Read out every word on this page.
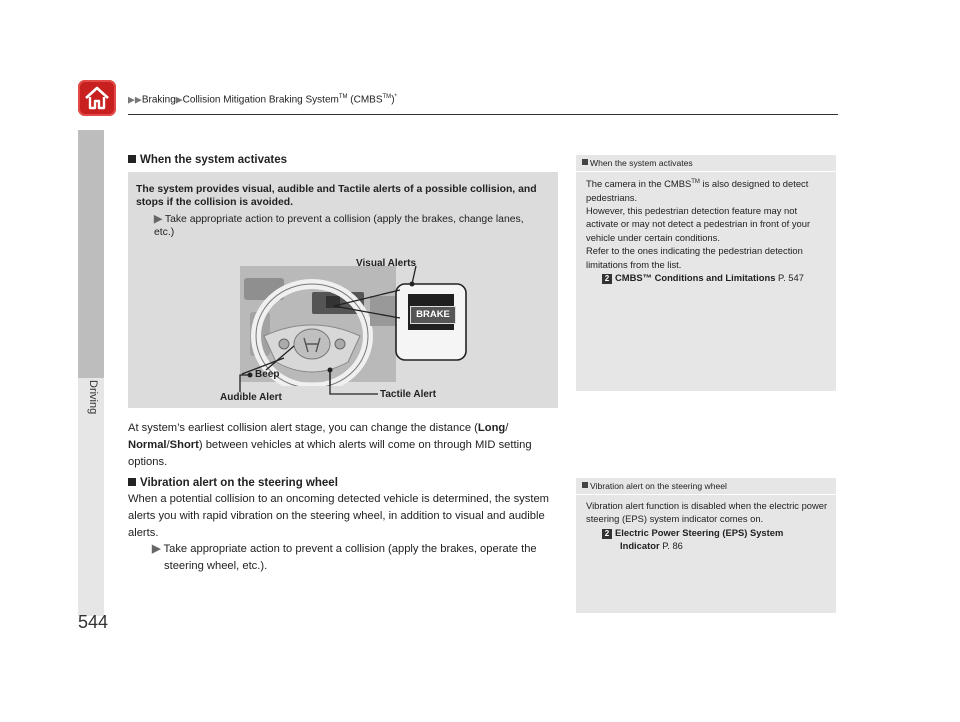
▶▶Braking▶Collision Mitigation Braking System™ (CMBS™)*
Driving
544
When the system activates
The system provides visual, audible and Tactile alerts of a possible collision, and stops if the collision is avoided.
▶ Take appropriate action to prevent a collision (apply the brakes, change lanes, etc.)
BRAKE
Visual Alerts
Beep
Audible Alert	Tactile Alert
At system’s earliest collision alert stage, you can change the distance (Long/
Normal/Short) between vehicles at which alerts will come on through MID setting options.
Vibration alert on the steering wheel
When a potential collision to an oncoming detected vehicle is determined, the system alerts you with rapid vibration on the steering wheel, in addition to visual and audible alerts.
▶ Take appropriate action to prevent a collision (apply the brakes, operate the steering wheel, etc.).
When the system activates
The camera in the CMBS™ is also designed to detect pedestrians.
However, this pedestrian detection feature may not activate or may not detect a pedestrian in front of your vehicle under certain conditions.
Refer to the ones indicating the pedestrian detection limitations from the list.
2 CMBS™ Conditions and Limitations P. 547
Vibration alert on the steering wheel
Vibration alert function is disabled when the electric power steering (EPS) system indicator comes on.
2 Electric Power Steering (EPS) System
Indicator P. 86
